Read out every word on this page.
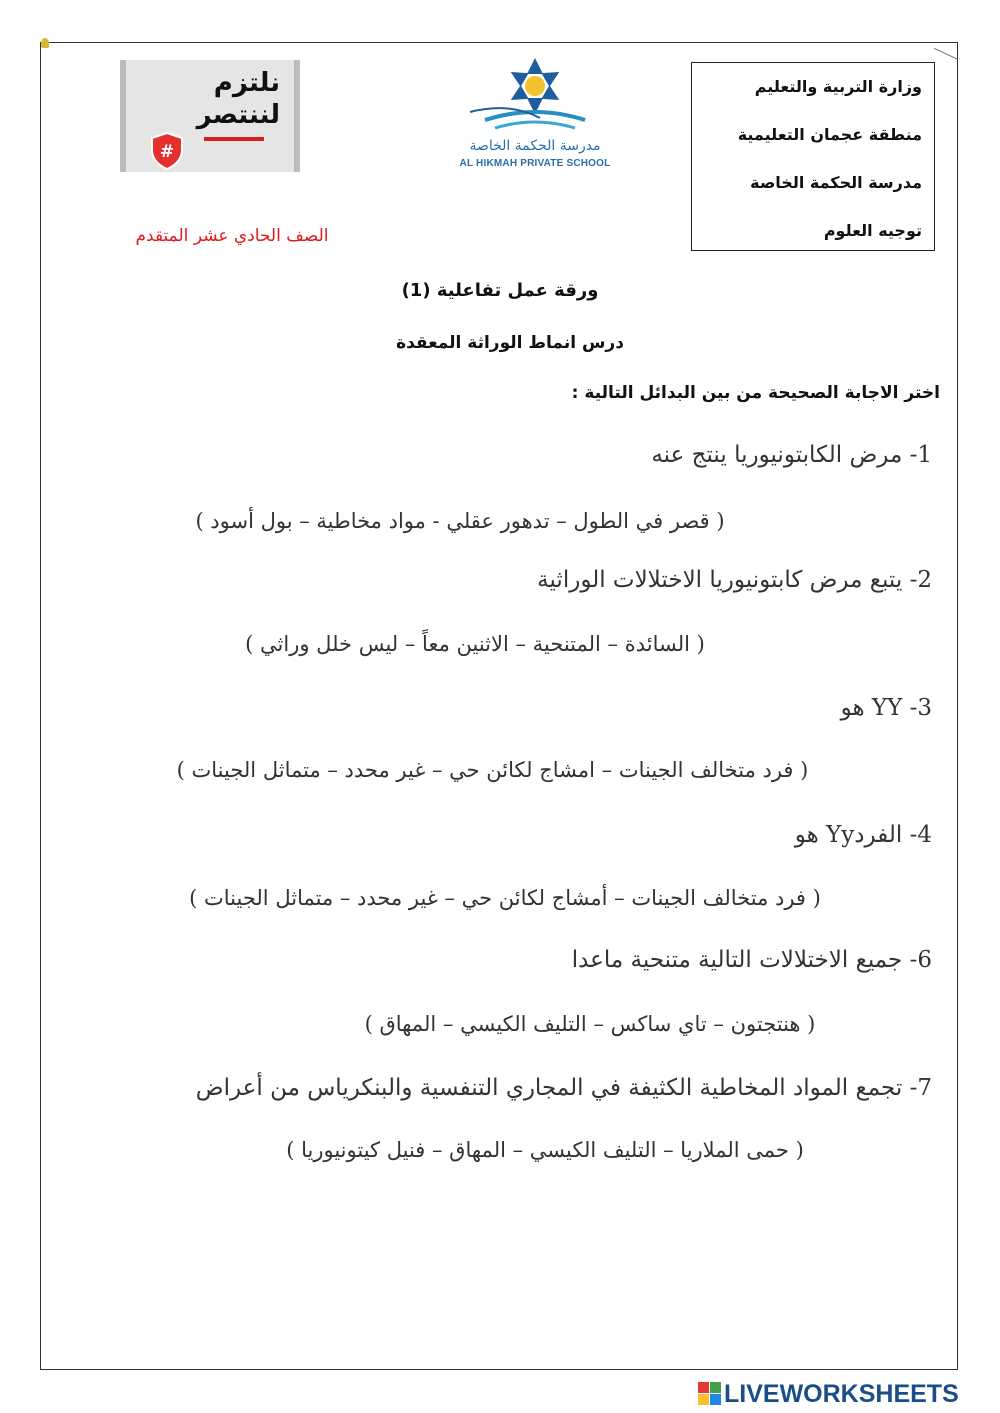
وزارة التربية والتعليم
منطقة عجمان التعليمية
مدرسة الحكمة الخاصة
توجيه العلوم
نلتزم
لننتصر
#	مدرسة الحكمة الخاصة
AL HIKMAH PRIVATE SCHOOL
الصف الحادي عشر المتقدم
ورقة عمل تفاعلية (1)
درس انماط الوراثة المعقدة
اختر الاجابة الصحيحة من بين البدائل التالية :
1- مرض الكابتونيوريا ينتج عنه
( قصر في الطول – تدهور عقلي - مواد مخاطية – بول أسود )
2- يتبع مرض كابتونيوريا الاختلالات الوراثية
( السائدة – المتنحية – الاثنين معاً – ليس خلل وراثي )
3- YY هو
( فرد متخالف الجينات – امشاج لكائن حي – غير محدد – متماثل الجينات )
4- الفردYy هو
( فرد متخالف الجينات – أمشاج لكائن حي – غير محدد – متماثل الجينات )
6- جميع الاختلالات التالية متنحية ماعدا
( هنتجتون – تاي ساكس – التليف الكيسي – المهاق )
7- تجمع المواد المخاطية الكثيفة في المجاري التنفسية والبنكرياس من أعراض
( حمى الملاريا – التليف الكيسي – المهاق – فنيل كيتونيوريا )
LIVEWORKSHEETS
